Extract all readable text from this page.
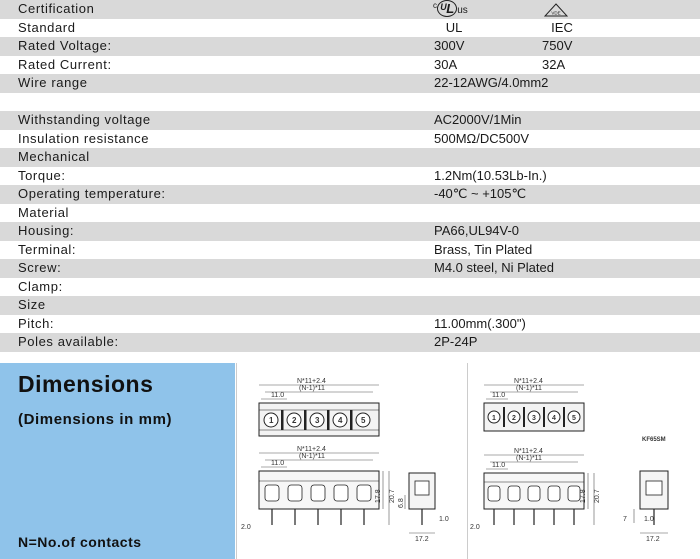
Certification	$^c$ ᵁL us	VDE
Standard	UL	IEC
Rated Voltage:	300V	750V
Rated Current:	30A	32A
Wire range	22-12AWG/4.0mm2
Withstanding voltage	AC2000V/1Min
Insulation resistance	500MΩ/DC500V
Mechanical
Torque:	1.2Nm(10.53Lb-In.)
Operating temperature:	-40℃ ~ +105℃
Material
Housing:	PA66,UL94V-0
Terminal:	Brass, Tin Plated
Screw:	M4.0 steel, Ni Plated
Clamp:
Size
Pitch:	11.00mm(.300")
Poles available:	2P-24P
Dimensions
(Dimensions in mm)
N=No.of contacts
N*11+2.4
(N-1)*11
11.0
1 2 3 4 5
N*11+2.4
(N-1)*11
11.0
17.8 20.7
2.0
6.8
1.0
17.2
N*11+2.4
(N-1)*11
11.0
1 2 3 4 5
KF65SM
N*11+2.4
(N-1)*11
11.0
17.8 20.7
2.0
7 1.0
17.2
